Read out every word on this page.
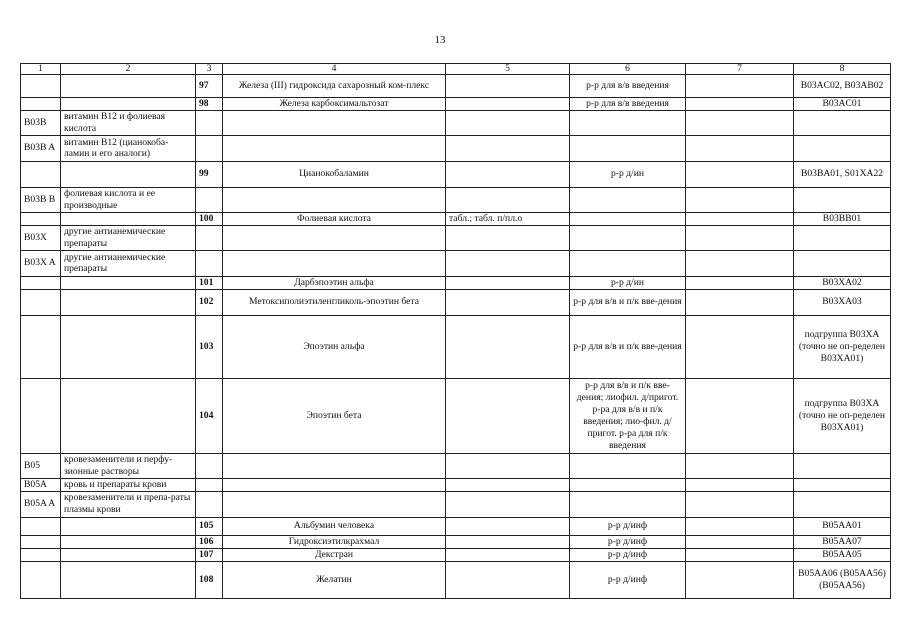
13
1	2	3	4	5	6	7	8
		97	Железа (III) гидроксида сахарозный ком-плекс		р-р для в/в введения		B03AC02, B03AB02
		98	Железа карбоксимальтозат		р-р для в/в введения		B03AC01
B03B	витамин B12 и фолиевая кислота						
B03B A	витамин B12 (цианокоба-ламин и его аналоги)						
		99	Цианокобаламин		р-р д/ин		B03BA01, S01XA22
B03B B	фолиевая кислота и ее производные						
		100	Фолиевая кислота	табл.; табл. п/пл.о			B03BB01
B03X	другие антианемические препараты						
B03X A	другие антианемические препараты						
		101	Дарбэпоэтин альфа		р-р д/ин		B03XA02
		102	Метоксиполиэтиленгликоль-эпоэтин бета		р-р для в/в и п/к вве-дения		B03XA03
		103	Эпоэтин альфа		р-р для в/в и п/к вве-дения		подгруппа B03XA (точно не оп-ределен B03XA01)
		104	Эпоэтин бета		р-р для в/в и п/к вве-дения; лиофил. д/пригот. р-ра для в/в и п/к введения; лио-фил. д/пригот. р-ра для п/к введения		подгруппа B03XA (точно не оп-ределен B03XA01)
B05	кровезаменители и перфу-зионные растворы						
B05A	кровь и препараты крови						
B05A A	кровезаменители и препа-раты плазмы крови						
		105	Альбумин человека		р-р д/инф		B05AA01
		106	Гидроксиэтилкрахмал		р-р д/инф		B05AA07
		107	Декстран		р-р д/инф		B05AA05
		108	Желатин		р-р д/инф		B05AA06 (B05AA56) (B05AA56)
